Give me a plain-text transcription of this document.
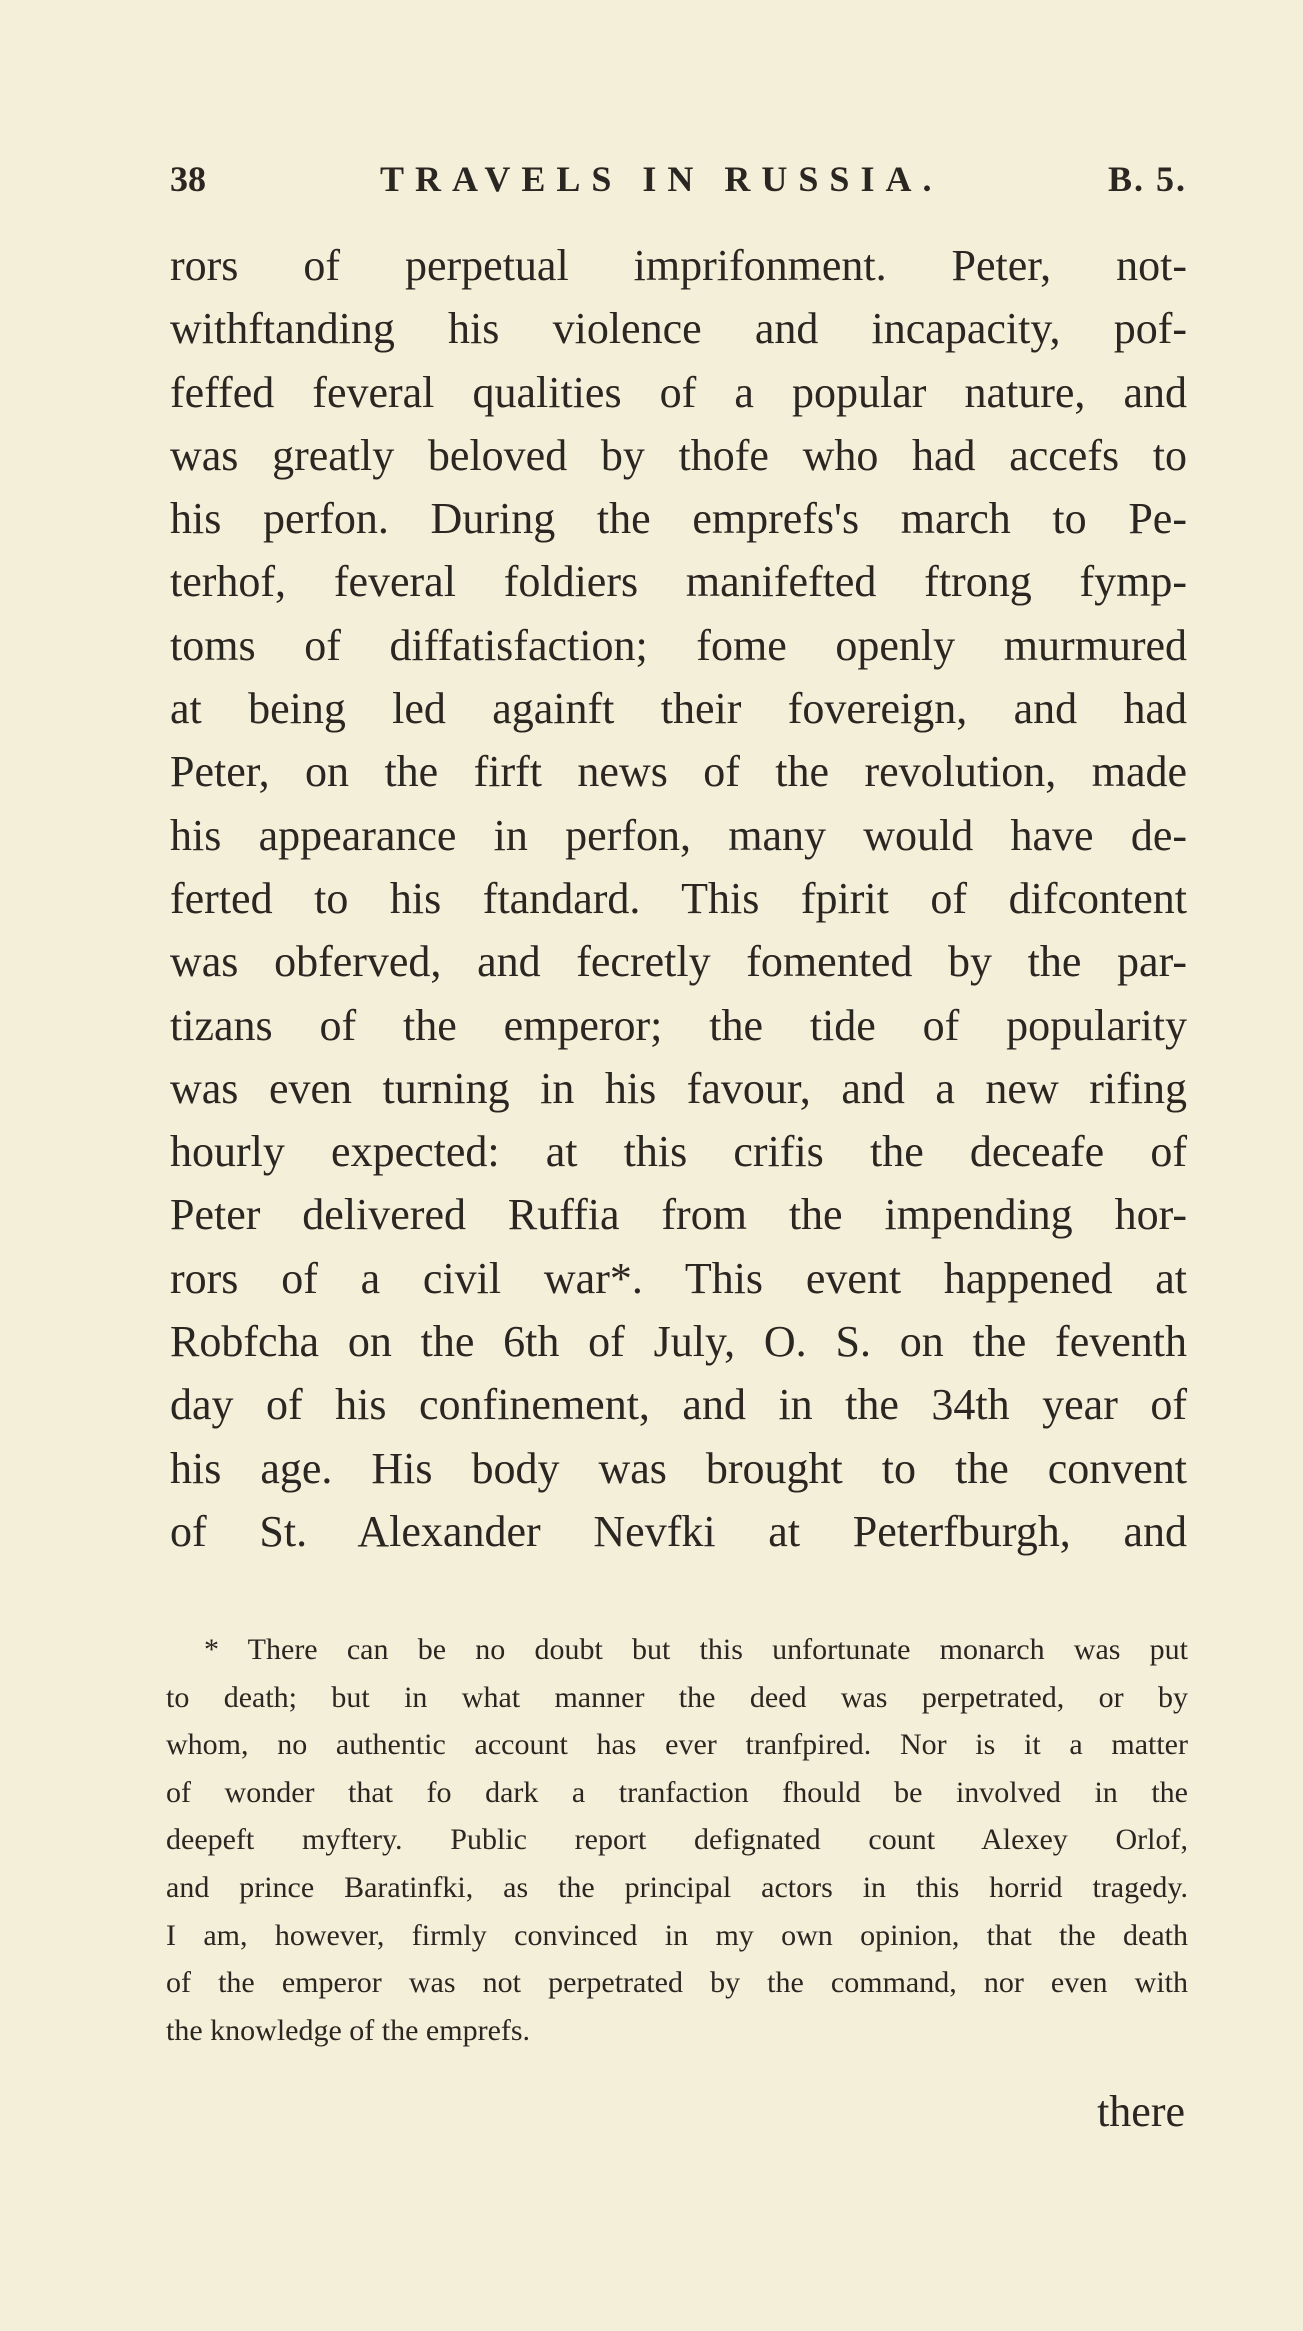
38	TRAVELS IN RUSSIA.	B. 5.
rors of perpetual imprifonment. Peter, not-
withftanding his violence and incapacity, pof-
feffed feveral qualities of a popular nature, and
was greatly beloved by thofe who had accefs to
his perfon. During the emprefs's march to Pe-
terhof, feveral foldiers manifefted ftrong fymp-
toms of diffatisfaction; fome openly murmured
at being led againft their fovereign, and had
Peter, on the firft news of the revolution, made
his appearance in perfon, many would have de-
ferted to his ftandard. This fpirit of difcontent
was obferved, and fecretly fomented by the par-
tizans of the emperor; the tide of popularity
was even turning in his favour, and a new rifing
hourly expected: at this crifis the deceafe of
Peter delivered Ruffia from the impending hor-
rors of a civil war*. This event happened at
Robfcha on the 6th of July, O. S. on the feventh
day of his confinement, and in the 34th year of
his age. His body was brought to the convent
of St. Alexander Nevfki at Peterfburgh, and
* There can be no doubt but this unfortunate monarch was put
to death; but in what manner the deed was perpetrated, or by
whom, no authentic account has ever tranfpired. Nor is it a matter
of wonder that fo dark a tranfaction fhould be involved in the
deepeft myftery. Public report defignated count Alexey Orlof,
and prince Baratinfki, as the principal actors in this horrid tragedy.
I am, however, firmly convinced in my own opinion, that the death
of the emperor was not perpetrated by the command, nor even with
the knowledge of the emprefs.
there
